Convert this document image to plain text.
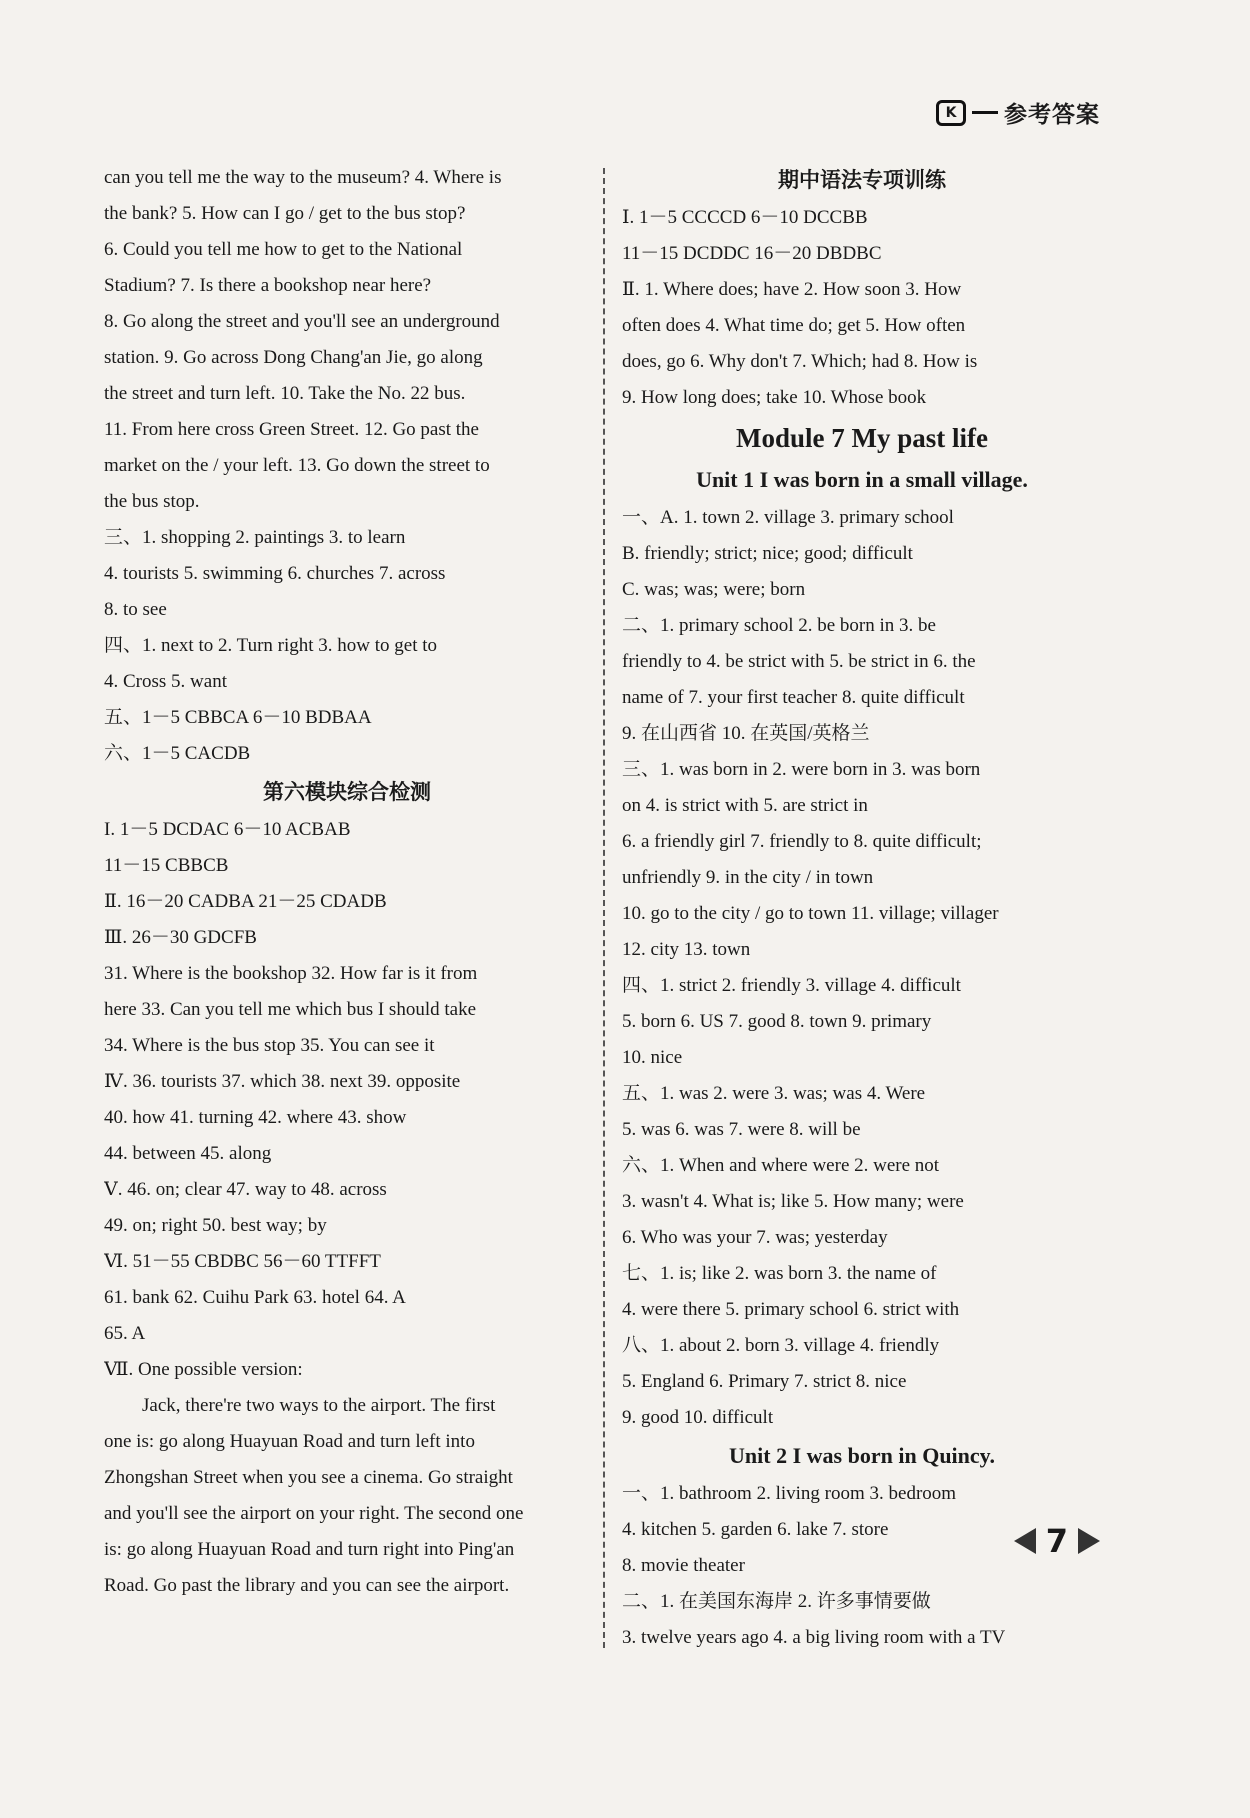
K	参考答案
can you tell me the way to the museum? 4. Where is
the bank? 5. How can I go / get to the bus stop?
6. Could you tell me how to get to the National
Stadium? 7. Is there a bookshop near here?
8. Go along the street and you'll see an underground
station. 9. Go across Dong Chang'an Jie, go along
the street and turn left. 10. Take the No. 22 bus.
11. From here cross Green Street. 12. Go past the
market on the / your left. 13. Go down the street to
the bus stop.
三、1. shopping 2. paintings 3. to learn
4. tourists 5. swimming 6. churches 7. across
8. to see
四、1. next to 2. Turn right 3. how to get to
4. Cross 5. want
五、1－5 CBBCA 6－10 BDBAA
六、1－5 CACDB
第六模块综合检测
I. 1－5 DCDAC 6－10 ACBAB
11－15 CBBCB
Ⅱ. 16－20 CADBA 21－25 CDADB
Ⅲ. 26－30 GDCFB
31. Where is the bookshop 32. How far is it from
here 33. Can you tell me which bus I should take
34. Where is the bus stop 35. You can see it
Ⅳ. 36. tourists 37. which 38. next 39. opposite
40. how 41. turning 42. where 43. show
44. between 45. along
Ⅴ. 46. on; clear 47. way to 48. across
49. on; right 50. best way; by
Ⅵ. 51－55 CBDBC 56－60 TTFFT
61. bank 62. Cuihu Park 63. hotel 64. A
65. A
Ⅶ. One possible version:
Jack, there're two ways to the airport. The first
one is: go along Huayuan Road and turn left into
Zhongshan Street when you see a cinema. Go straight
and you'll see the airport on your right. The second one
is: go along Huayuan Road and turn right into Ping'an
Road. Go past the library and you can see the airport.
期中语法专项训练
Ⅰ. 1－5 CCCCD 6－10 DCCBB
11－15 DCDDC 16－20 DBDBC
Ⅱ. 1. Where does; have 2. How soon 3. How
often does 4. What time do; get 5. How often
does, go 6. Why don't 7. Which; had 8. How is
9. How long does; take 10. Whose book
Module 7 My past life
Unit 1 I was born in a small village.
一、A. 1. town 2. village 3. primary school
B. friendly; strict; nice; good; difficult
C. was; was; were; born
二、1. primary school 2. be born in 3. be
friendly to 4. be strict with 5. be strict in 6. the
name of 7. your first teacher 8. quite difficult
9. 在山西省 10. 在英国/英格兰
三、1. was born in 2. were born in 3. was born
on 4. is strict with 5. are strict in
6. a friendly girl 7. friendly to 8. quite difficult;
unfriendly 9. in the city / in town
10. go to the city / go to town 11. village; villager
12. city 13. town
四、1. strict 2. friendly 3. village 4. difficult
5. born 6. US 7. good 8. town 9. primary
10. nice
五、1. was 2. were 3. was; was 4. Were
5. was 6. was 7. were 8. will be
六、1. When and where were 2. were not
3. wasn't 4. What is; like 5. How many; were
6. Who was your 7. was; yesterday
七、1. is; like 2. was born 3. the name of
4. were there 5. primary school 6. strict with
八、1. about 2. born 3. village 4. friendly
5. England 6. Primary 7. strict 8. nice
9. good 10. difficult
Unit 2 I was born in Quincy.
一、1. bathroom 2. living room 3. bedroom
4. kitchen 5. garden 6. lake 7. store
8. movie theater
二、1. 在美国东海岸 2. 许多事情要做
3. twelve years ago 4. a big living room with a TV
7
